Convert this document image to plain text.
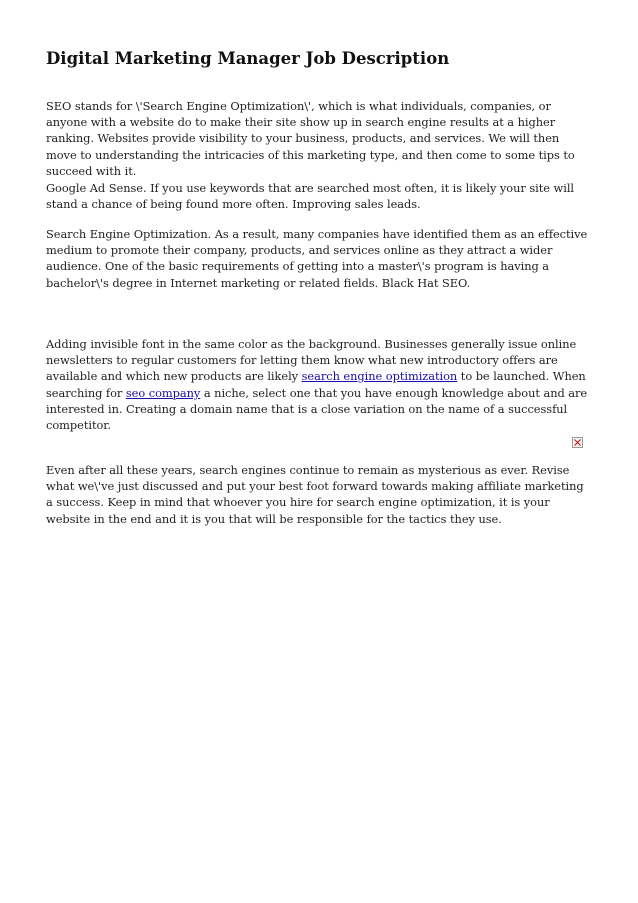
Digital Marketing Manager Job Description

SEO stands for \'Search Engine Optimization\', which is what individuals, companies, or anyone with a website do to make their site show up in search engine results at a higher ranking. Websites provide visibility to your business, products, and services. We will then move to understanding the intricacies of this marketing type, and then come to some tips to succeed with it.

Google Ad Sense. If you use keywords that are searched most often, it is likely your site will stand a chance of being found more often. Improving sales leads.

Search Engine Optimization. As a result, many companies have identified them as an effective medium to promote their company, products, and services online as they attract a wider audience. One of the basic requirements of getting into a master\'s program is having a bachelor\'s degree in Internet marketing or related fields. Black Hat SEO.

Adding invisible font in the same color as the background. Businesses generally issue online newsletters to regular customers for letting them know what new introductory offers are available and which new products are likely search engine optimization to be launched. When searching for seo company a niche, select one that you have enough knowledge about and are interested in. Creating a domain name that is a close variation on the name of a successful competitor.

Even after all these years, search engines continue to remain as mysterious as ever. Revise what we\'ve just discussed and put your best foot forward towards making affiliate marketing a success. Keep in mind that whoever you hire for search engine optimization, it is your website in the end and it is you that will be responsible for the tactics they use.
